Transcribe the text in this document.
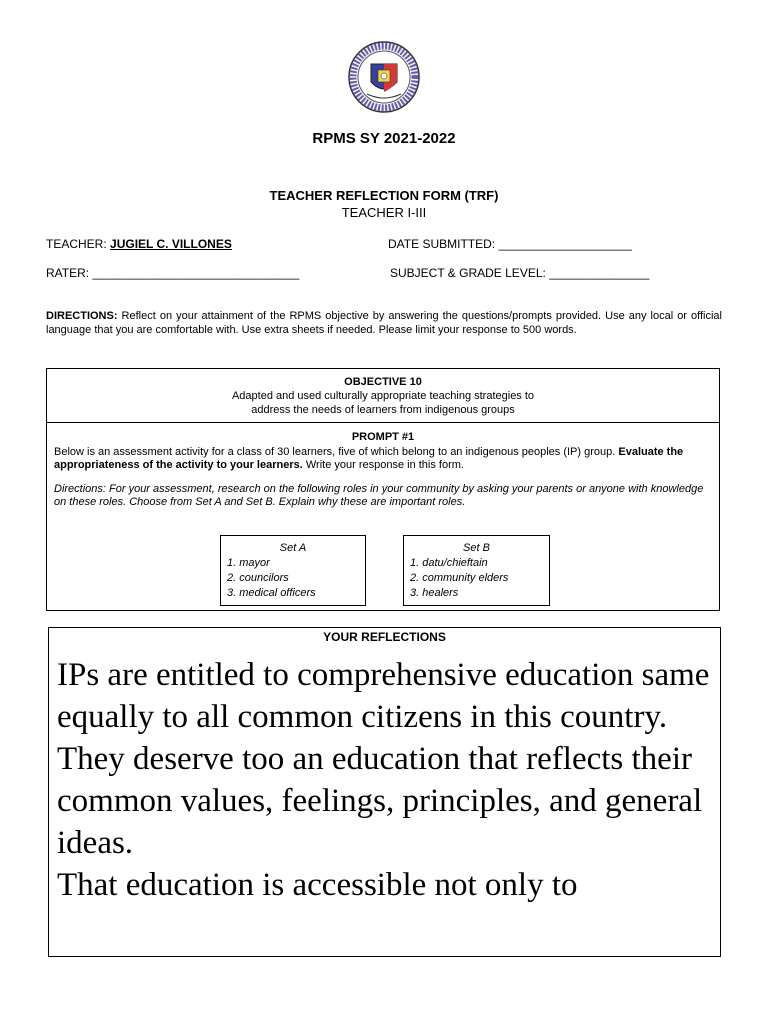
RPMS SY 2021-2022
TEACHER REFLECTION FORM (TRF)
TEACHER I-III
TEACHER: JUGIEL C. VILLONES	DATE SUBMITTED: ____________________
RATER: _______________________________	SUBJECT & GRADE LEVEL: _______________
DIRECTIONS: Reflect on your attainment of the RPMS objective by answering the questions/prompts provided. Use any local or official language that you are comfortable with. Use extra sheets if needed. Please limit your response to 500 words.
OBJECTIVE 10
Adapted and used culturally appropriate teaching strategies to
address the needs of learners from indigenous groups
PROMPT #1
Below is an assessment activity for a class of 30 learners, five of which belong to an indigenous peoples (IP) group. Evaluate the appropriateness of the activity to your learners. Write your response in this form.
Directions: For your assessment, research on the following roles in your community by asking your parents or anyone with knowledge on these roles. Choose from Set A and Set B. Explain why these are important roles.
Set A
1. mayor
2. councilors
3. medical officers
Set B
1. datu/chieftain
2. community elders
3. healers
YOUR REFLECTIONS

IPs are entitled to comprehensive education same equally to all common citizens in this country.

They deserve too an education that reflects their common values, feelings, principles, and general ideas.

That education is accessible not only to
